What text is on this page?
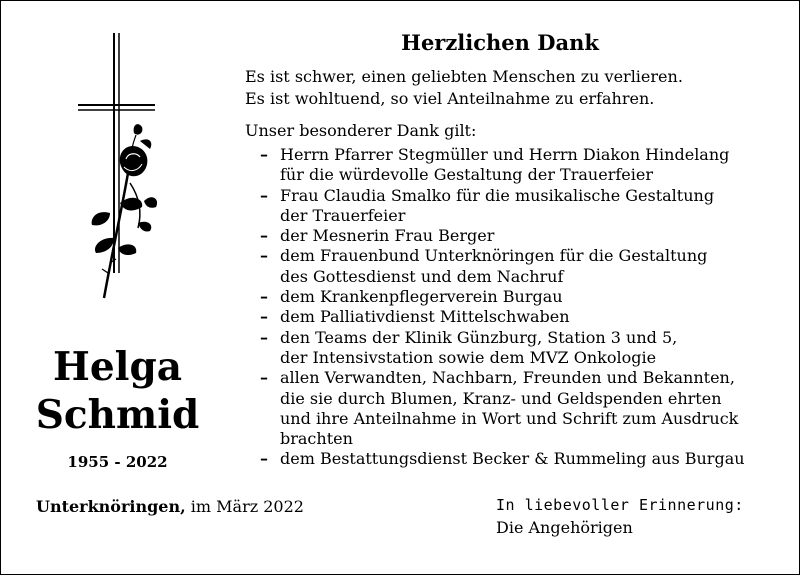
Herzlichen Dank
Es ist schwer, einen geliebten Menschen zu verlieren.
Es ist wohltuend, so viel Anteilnahme zu erfahren.
Unser besonderer Dank gilt:
– Herrn Pfarrer Stegmüller und Herrn Diakon Hindelang
für die würdevolle Gestaltung der Trauerfeier
– Frau Claudia Smalko für die musikalische Gestaltung
der Trauerfeier
– der Mesnerin Frau Berger
– dem Frauenbund Unterknöringen für die Gestaltung
des Gottesdienst und dem Nachruf
– dem Krankenpflegerverein Burgau
– dem Palliativdienst Mittelschwaben
– den Teams der Klinik Günzburg, Station 3 und 5,
der Intensivstation sowie dem MVZ Onkologie
– allen Verwandten, Nachbarn, Freunden und Bekannten,
die sie durch Blumen, Kranz- und Geldspenden ehrten
und ihre Anteilnahme in Wort und Schrift zum Ausdruck
brachten
– dem Bestattungsdienst Becker & Rummeling aus Burgau
Helga
Schmid
1955 - 2022
Unterknöringen, im März 2022	In liebevoller Erinnerung:
Die Angehörigen
